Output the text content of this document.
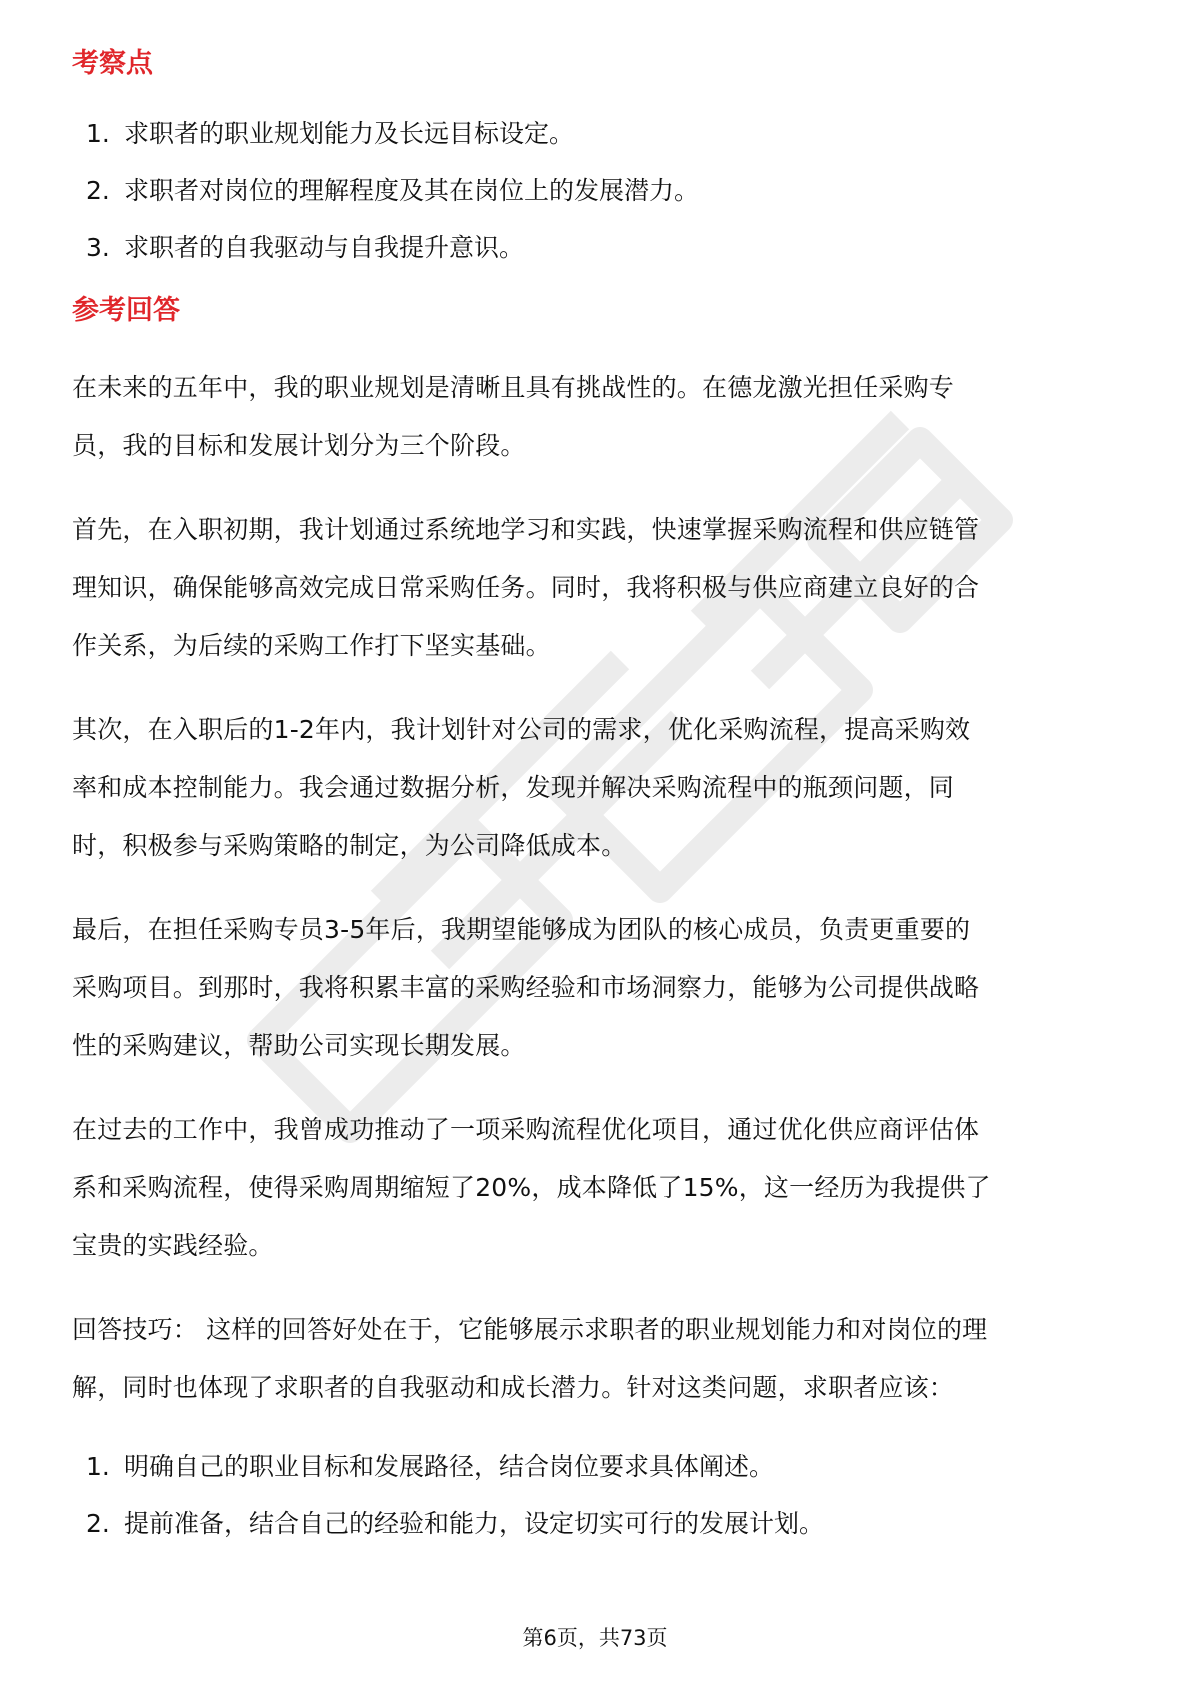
考察点
1. 求职者的职业规划能力及长远目标设定。
2. 求职者对岗位的理解程度及其在岗位上的发展潜力。
3. 求职者的自我驱动与自我提升意识。
参考回答
在未来的五年中，我的职业规划是清晰且具有挑战性的。在德龙激光担任采购专
员，我的目标和发展计划分为三个阶段。
首先，在入职初期，我计划通过系统地学习和实践，快速掌握采购流程和供应链管
理知识，确保能够高效完成日常采购任务。同时，我将积极与供应商建立良好的合
作关系，为后续的采购工作打下坚实基础。
其次，在入职后的1-2年内，我计划针对公司的需求，优化采购流程，提高采购效
率和成本控制能力。我会通过数据分析，发现并解决采购流程中的瓶颈问题，同
时，积极参与采购策略的制定，为公司降低成本。
最后，在担任采购专员3-5年后，我期望能够成为团队的核心成员，负责更重要的
采购项目。到那时，我将积累丰富的采购经验和市场洞察力，能够为公司提供战略
性的采购建议，帮助公司实现长期发展。
在过去的工作中，我曾成功推动了一项采购流程优化项目，通过优化供应商评估体
系和采购流程，使得采购周期缩短了20%，成本降低了15%，这一经历为我提供了
宝贵的实践经验。
回答技巧： 这样的回答好处在于，它能够展示求职者的职业规划能力和对岗位的理
解，同时也体现了求职者的自我驱动和成长潜力。针对这类问题，求职者应该：
1. 明确自己的职业目标和发展路径，结合岗位要求具体阐述。
2. 提前准备，结合自己的经验和能力，设定切实可行的发展计划。
第6页，共73页
